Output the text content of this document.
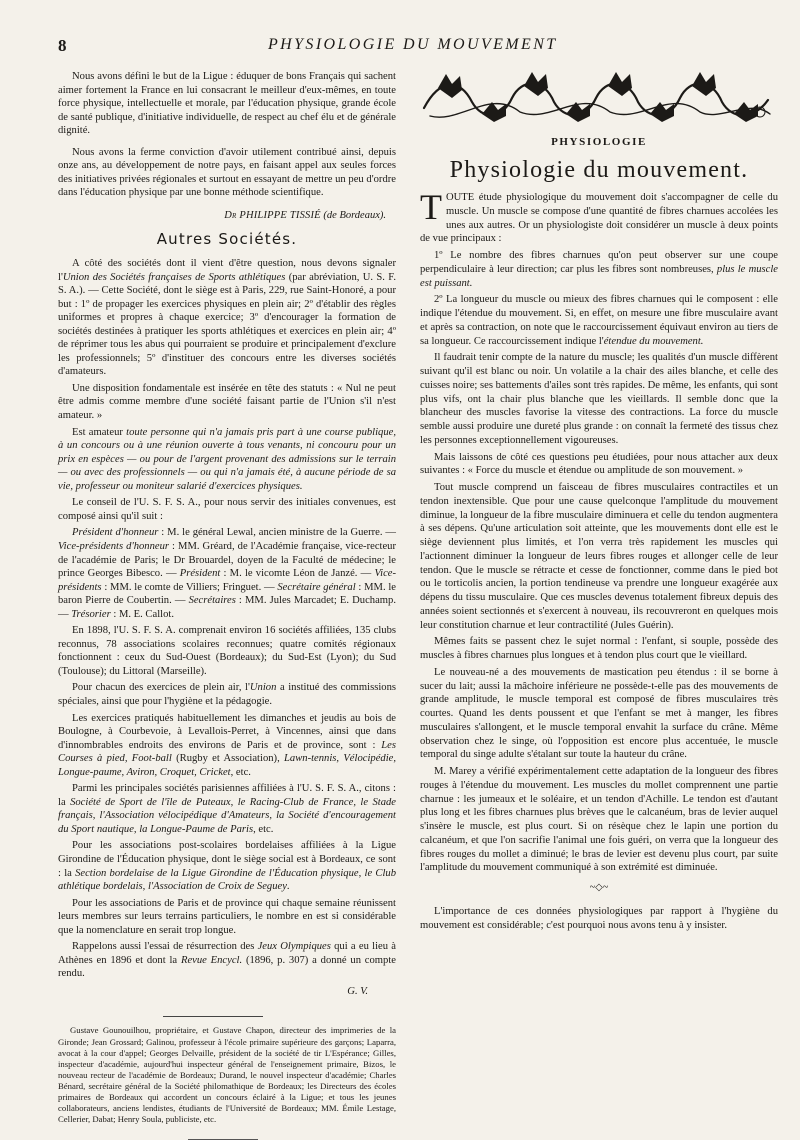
8	PHYSIOLOGIE DU MOUVEMENT

Nous avons défini le but de la Ligue : éduquer de bons Français qui sachent aimer fortement la France en lui consacrant le meilleur d'eux-mêmes, en toute force physique, intellectuelle et morale, par l'éducation physique, grande école de santé publique, d'initiative individuelle, de respect au chef élu et de générale dignité.

Nous avons la ferme conviction d'avoir utilement contribué ainsi, depuis onze ans, au développement de notre pays, en faisant appel aux seules forces des initiatives privées régionales et surtout en essayant de mettre un peu d'ordre dans l'éducation physique par une bonne méthode scientifique.

Dr PHILIPPE TISSIÉ (de Bordeaux).
Autres Sociétés.

A côté des sociétés dont il vient d'être question, nous devons signaler l'Union des Sociétés françaises de Sports athlétiques (par abréviation, U. S. F. S. A.). — Cette Société, dont le siège est à Paris, 229, rue Saint-Honoré, a pour but : 1º de propager les exercices physiques en plein air; 2º d'établir des règles uniformes et propres à chaque exercice; 3º d'encourager la formation de sociétés destinées à pratiquer les sports athlétiques et exercices en plein air; 4º de réprimer tous les abus qui pourraient se produire et principalement d'exclure les professionnels; 5º d'instituer des concours entre les diverses sociétés d'amateurs.

Une disposition fondamentale est insérée en tête des statuts : « Nul ne peut être admis comme membre d'une société faisant partie de l'Union s'il n'est amateur. »

Est amateur toute personne qui n'a jamais pris part à une course publique, à un concours ou à une réunion ouverte à tous venants, ni concouru pour un prix en espèces — ou pour de l'argent provenant des admissions sur le terrain — ou avec des professionnels — ou qui n'a jamais été, à aucune période de sa vie, professeur ou moniteur salarié d'exercices physiques.

Le conseil de l'U. S. F. S. A., pour nous servir des initiales convenues, est composé ainsi qu'il suit :

Président d'honneur : M. le général Lewal, ancien ministre de la Guerre. — Vice-présidents d'honneur : MM. Gréard, de l'Académie française, vice-recteur de l'académie de Paris; le Dr Brouardel, doyen de la Faculté de médecine; le prince Georges Bibesco. — Président : M. le vicomte Léon de Janzé. — Vice-présidents : MM. le comte de Villiers; Fringuet. — Secrétaire général : MM. le baron Pierre de Coubertin. — Secrétaires : MM. Jules Marcadet; E. Duchamp. — Trésorier : M. E. Callot.

En 1898, l'U. S. F. S. A. comprenait environ 16 sociétés affiliées, 135 clubs reconnus, 78 associations scolaires reconnues; quatre comités régionaux fonctionnent : ceux du Sud-Ouest (Bordeaux); du Sud-Est (Lyon); du Sud (Toulouse); du Littoral (Marseille).

Pour chacun des exercices de plein air, l'Union a institué des commissions spéciales, ainsi que pour l'hygiène et la pédagogie.

Les exercices pratiqués habituellement les dimanches et jeudis au bois de Boulogne, à Courbevoie, à Levallois-Perret, à Vincennes, ainsi que dans d'innombrables endroits des environs de Paris et de province, sont : Les Courses à pied, Foot-ball (Rugby et Association), Lawn-tennis, Vélocipédie, Longue-paume, Aviron, Croquet, Cricket, etc.

Parmi les principales sociétés parisiennes affiliées à l'U. S. F. S. A., citons : la Société de Sport de l'île de Puteaux, le Racing-Club de France, le Stade français, l'Association vélocipédique d'Amateurs, la Société d'encouragement du Sport nautique, la Longue-Paume de Paris, etc.

Pour les associations post-scolaires bordelaises affiliées à la Ligue Girondine de l'Éducation physique, dont le siège social est à Bordeaux, ce sont : la Section bordelaise de la Ligue Girondine de l'Éducation physique, le Club athlétique bordelais, l'Association de Croix de Seguey.

Pour les associations de Paris et de province qui chaque semaine réunissent leurs membres sur leurs terrains particuliers, le nombre en est si considérable que la nomenclature en serait trop longue.

Rappelons aussi l'essai de résurrection des Jeux Olympiques qui a eu lieu à Athènes en 1896 et dont la Revue Encycl. (1896, p. 307) a donné un compte rendu.

G. V.

Gustave Gounouilhou, propriétaire, et Gustave Chapon, directeur des imprimeries de la Gironde; Jean Grossard; Galinou, professeur à l'école primaire supérieure des garçons; Laparra, avocat à la cour d'appel; Georges Delvaille, président de la société de tir L'Espérance; Gilles, inspecteur d'académie, aujourd'hui inspecteur général de l'enseignement primaire, Bizos, le nouveau recteur de l'académie de Bordeaux; Durand, le nouvel inspecteur d'académie; Charles Bénard, secrétaire général de la Société philomathique de Bordeaux; les Directeurs des écoles primaires de Bordeaux qui accordent un concours éclairé à la Ligue; et tous les jeunes collaborateurs, anciens lendistes, étudiants de l'Université de Bordeaux; MM. Émile Lestage, Cellerier, Dabat; Henry Soula, publiciste, etc.

PHYSIOLOGIE
Physiologie du mouvement.

TOUTE étude physiologique du mouvement doit s'accompagner de celle du muscle. Un muscle se compose d'une quantité de fibres charnues accolées les unes aux autres. Or un physiologiste doit considérer un muscle à deux points de vue principaux :

1º Le nombre des fibres charnues qu'on peut observer sur une coupe perpendiculaire à leur direction; car plus les fibres sont nombreuses, plus le muscle est puissant.

2º La longueur du muscle ou mieux des fibres charnues qui le composent : elle indique l'étendue du mouvement. Si, en effet, on mesure une fibre musculaire avant et après sa contraction, on note que le raccourcissement équivaut environ au tiers de sa longueur. Ce raccourcissement indique l'étendue du mouvement.

Il faudrait tenir compte de la nature du muscle; les qualités d'un muscle diffèrent suivant qu'il est blanc ou noir. Un volatile a la chair des ailes blanche, et celle des cuisses noire; ses battements d'ailes sont très rapides. De même, les enfants, qui sont plus vifs, ont la chair plus blanche que les vieillards. Il semble donc que la blancheur des muscles favorise la vitesse des contractions. La force du muscle semble aussi produire une dureté plus grande : on connaît la fermeté des tissus chez les personnes exceptionnellement vigoureuses.

Mais laissons de côté ces questions peu étudiées, pour nous attacher aux deux suivantes : « Force du muscle et étendue ou amplitude de son mouvement. »

Tout muscle comprend un faisceau de fibres musculaires contractiles et un tendon inextensible. Que pour une cause quelconque l'amplitude du mouvement diminue, la longueur de la fibre musculaire diminuera et celle du tendon augmentera à ses dépens. Qu'une articulation soit atteinte, que les mouvements dont elle est le siège deviennent plus limités, et l'on verra très rapidement les muscles qui l'actionnent diminuer la longueur de leurs fibres rouges et allonger celle de leur tendon. Que le muscle se rétracte et cesse de fonctionner, comme dans le pied bot ou le torticolis ancien, la portion tendineuse va prendre une longueur exagérée aux dépens du tissu musculaire. Que ces muscles devenus totalement fibreux depuis des années soient sectionnés et s'exercent à nouveau, ils recouvreront en quelques mois leur constitution charnue et leur contractilité (Jules Guérin).

Mêmes faits se passent chez le sujet normal : l'enfant, si souple, possède des muscles à fibres charnues plus longues et à tendon plus court que le vieillard.

Le nouveau-né a des mouvements de mastication peu étendus : il se borne à sucer du lait; aussi la mâchoire inférieure ne possède-t-elle pas des mouvements de grande amplitude, le muscle temporal est composé de fibres musculaires très courtes. Quand les dents poussent et que l'enfant se met à manger, les fibres musculaires s'allongent, et le muscle temporal envahit la surface du crâne. Même observation chez le singe, où l'opposition est encore plus accentuée, le muscle temporal du singe adulte s'étalant sur toute la hauteur du crâne.

M. Marey a vérifié expérimentalement cette adaptation de la longueur des fibres rouges à l'étendue du mouvement. Les muscles du mollet comprennent une partie charnue : les jumeaux et le soléaire, et un tendon d'Achille. Le tendon est d'autant plus long et les fibres charnues plus brèves que le calcanéum, bras de levier auquel s'insère le muscle, est plus court. Si on résèque chez le lapin une portion du calcanéum, et que l'on sacrifie l'animal une fois guéri, on verra que la longueur des fibres rouges du mollet a diminué; le bras de levier est devenu plus court, par suite l'amplitude du mouvement communiqué à son extrémité est diminuée.

~◇~

L'importance de ces données physiologiques par rapport à l'hygiène du mouvement est considérable; c'est pourquoi nous avons tenu à y insister.
